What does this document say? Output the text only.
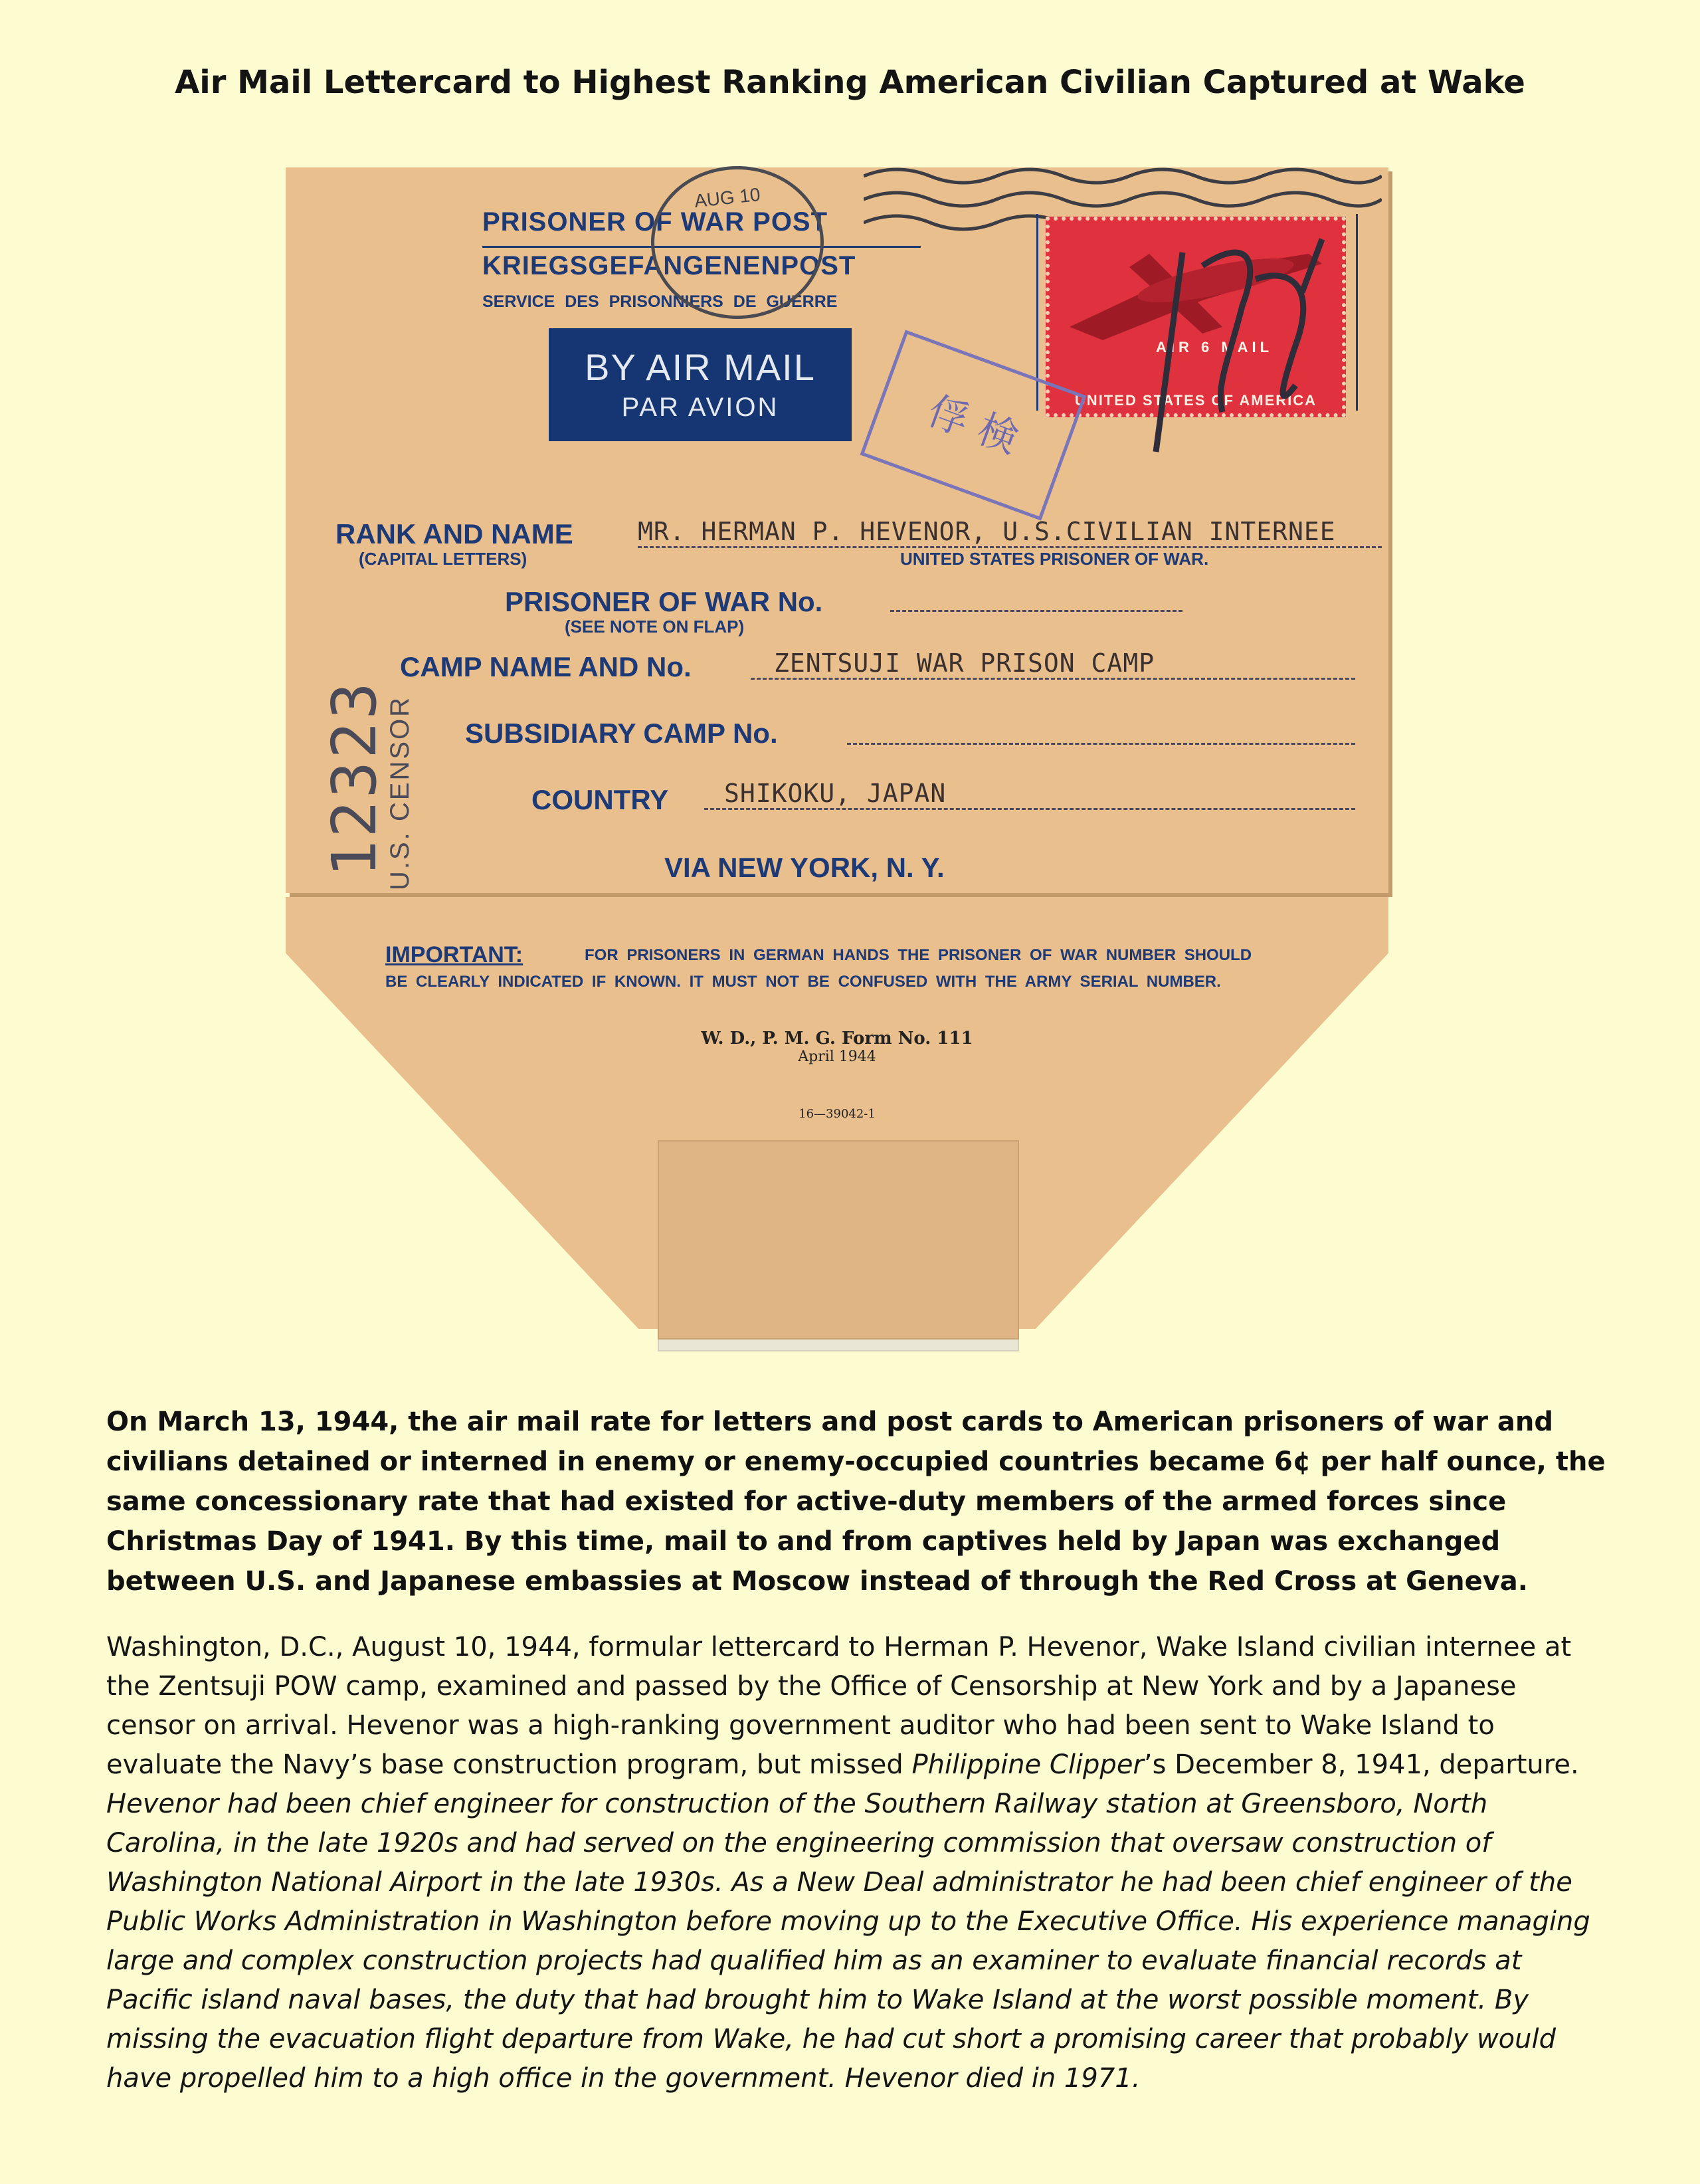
Air Mail Lettercard to Highest Ranking American Civilian Captured at Wake
PRISONER OF WAR POST
KRIEGSGEFANGENENPOST
SERVICE DES PRISONNIERS DE GUERRE
BY AIR MAIL
PAR AVION
AUG 10
AIR 6 MAIL
UNITED STATES OF AMERICA
俘 検
RANK AND NAME
(CAPITAL LETTERS)
MR. HERMAN P. HEVENOR, U.S.CIVILIAN INTERNEE
UNITED STATES PRISONER OF WAR.
PRISONER OF WAR No.
(SEE NOTE ON FLAP)
CAMP NAME AND No.	ZENTSUJI WAR PRISON CAMP
SUBSIDIARY CAMP No.
COUNTRY SHIKOKU, JAPAN
VIA NEW YORK, N. Y.
12323
U.S. CENSOR
IMPORTANT:	FOR PRISONERS IN GERMAN HANDS THE PRISONER OF WAR NUMBER SHOULD
BE CLEARLY INDICATED IF KNOWN. IT MUST NOT BE CONFUSED WITH THE ARMY SERIAL NUMBER.
W. D., P. M. G. Form No. 111
April 1944
16—39042-1
On March 13, 1944, the air mail rate for letters and post cards to American prisoners of war and civilians detained or interned in enemy or enemy-occupied countries became 6¢ per half ounce, the same concessionary rate that had existed for active-duty members of the armed forces since Christmas Day of 1941. By this time, mail to and from captives held by Japan was exchanged between U.S. and Japanese embassies at Moscow instead of through the Red Cross at Geneva.
Washington, D.C., August 10, 1944, formular lettercard to Herman P. Hevenor, Wake Island civilian internee at the Zentsuji POW camp, examined and passed by the Office of Censorship at New York and by a Japanese censor on arrival. Hevenor was a high-ranking government auditor who had been sent to Wake Island to evaluate the Navy’s base construction program, but missed Philippine Clipper’s December 8, 1941, departure. Hevenor had been chief engineer for construction of the Southern Railway station at Greensboro, North Carolina, in the late 1920s and had served on the engineering commission that oversaw construction of Washington National Airport in the late 1930s. As a New Deal administrator he had been chief engineer of the Public Works Administration in Washington before moving up to the Executive Office. His experience managing large and complex construction projects had qualified him as an examiner to evaluate financial records at Pacific island naval bases, the duty that had brought him to Wake Island at the worst possible moment. By missing the evacuation flight departure from Wake, he had cut short a promising career that probably would have propelled him to a high office in the government. Hevenor died in 1971.
